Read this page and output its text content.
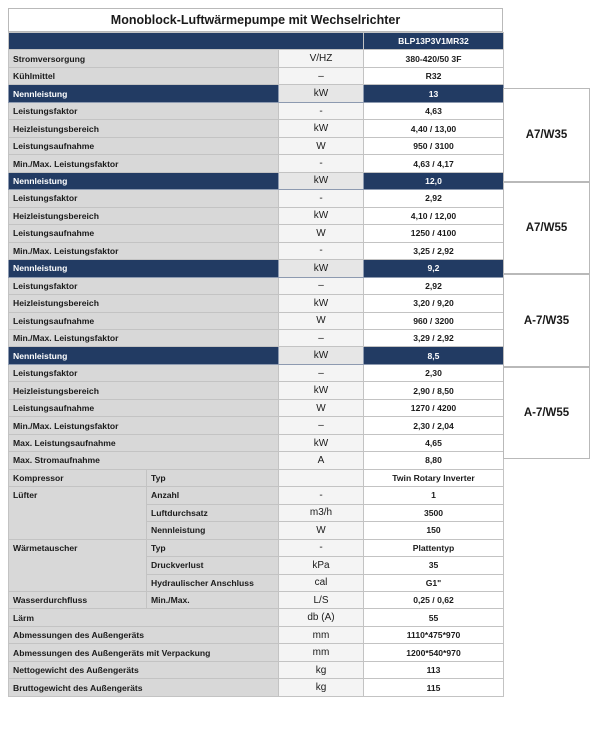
Monoblock-Luftwärmepumpe mit Wechselrichter
			BLP13P3V1MR32
Stromversorgung		V/HZ	380-420/50 3F
Kühlmittel		–	R32
Nennleistung		kW	13
Leistungsfaktor		-	4,63
Heizleistungsbereich		kW	4,40 / 13,00
Leistungsaufnahme		W	950 / 3100
Min./Max. Leistungsfaktor		-	4,63 / 4,17
Nennleistung		kW	12,0
Leistungsfaktor		-	2,92
Heizleistungsbereich		kW	4,10 / 12,00
Leistungsaufnahme		W	1250 / 4100
Min./Max. Leistungsfaktor		-	3,25 / 2,92
Nennleistung		kW	9,2
Leistungsfaktor		–	2,92
Heizleistungsbereich		kW	3,20 / 9,20
Leistungsaufnahme		W	960 / 3200
Min./Max. Leistungsfaktor		–	3,29 / 2,92
Nennleistung		kW	8,5
Leistungsfaktor		–	2,30
Heizleistungsbereich		kW	2,90 / 8,50
Leistungsaufnahme		W	1270 / 4200
Min./Max. Leistungsfaktor		–	2,30 / 2,04
Max. Leistungsaufnahme		kW	4,65
Max. Stromaufnahme		A	8,80
Kompressor	Typ		Twin Rotary Inverter
Lüfter	Anzahl	-	1
	Luftdurchsatz	m3/h	3500
	Nennleistung	W	150
Wärmetauscher	Typ	-	Plattentyp
	Druckverlust	kPa	35
	Hydraulischer Anschluss	cal	G1"
Wasserdurchfluss	Min./Max.	L/S	0,25 / 0,62
Lärm		db (A)	55
Abmessungen des Außengeräts		mm	1110*475*970
Abmessungen des Außengeräts mit Verpackung		mm	1200*540*970
Nettogewicht des Außengeräts		kg	113
Bruttogewicht des Außengeräts		kg	115
A7/W35
A7/W55
A-7/W35
A-7/W55
